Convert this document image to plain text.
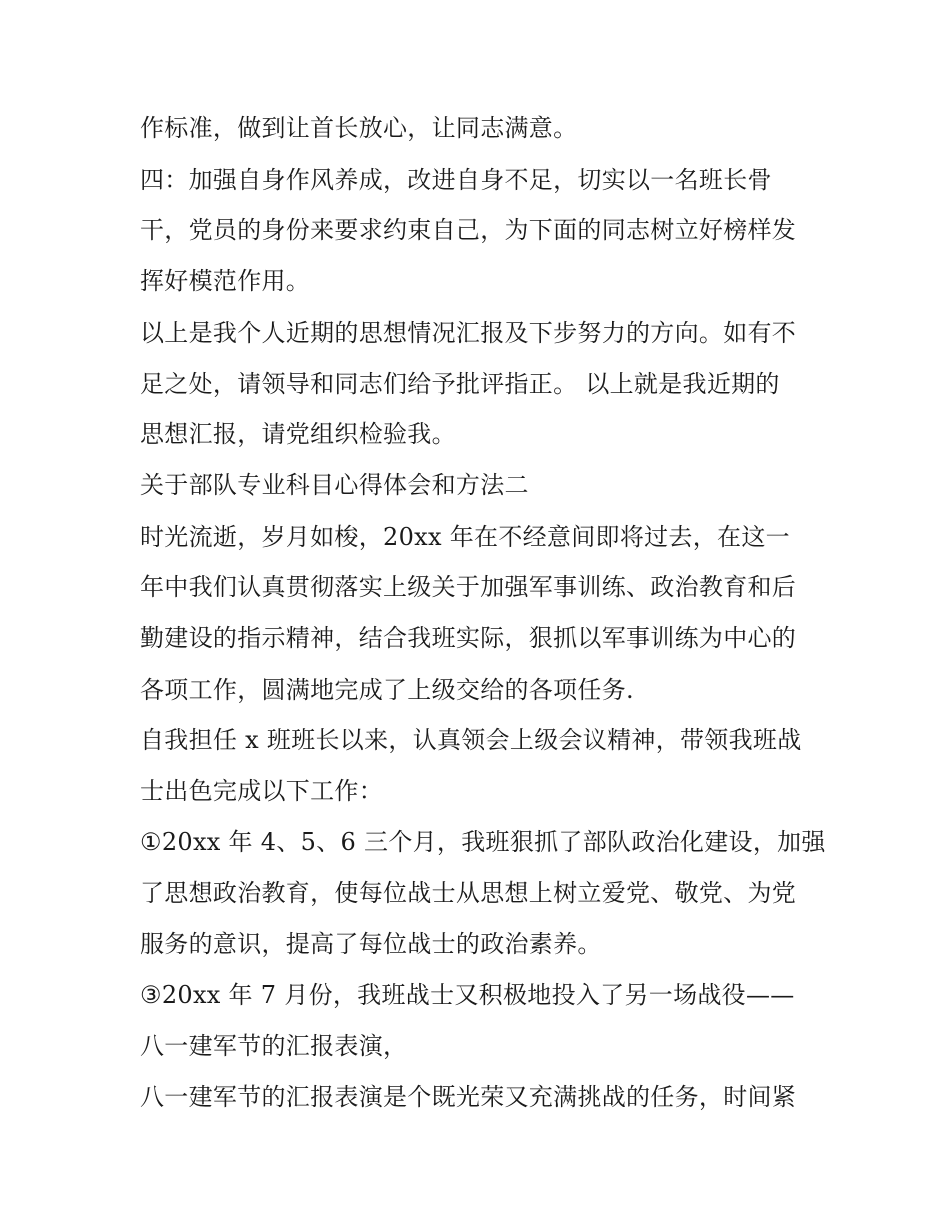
作标准，做到让首长放心，让同志满意。
四：加强自身作风养成，改进自身不足，切实以一名班长骨
干，党员的身份来要求约束自己，为下面的同志树立好榜样发
挥好模范作用。
以上是我个人近期的思想情况汇报及下步努力的方向。如有不
足之处，请领导和同志们给予批评指正。 以上就是我近期的
思想汇报，请党组织检验我。
关于部队专业科目心得体会和方法二
时光流逝，岁月如梭，20xx 年在不经意间即将过去，在这一
年中我们认真贯彻落实上级关于加强军事训练、政治教育和后
勤建设的指示精神，结合我班实际，狠抓以军事训练为中心的
各项工作，圆满地完成了上级交给的各项任务.
自我担任 x 班班长以来，认真领会上级会议精神，带领我班战
士出色完成以下工作：
①20xx 年 4、5、6 三个月，我班狠抓了部队政治化建设，加强
了思想政治教育，使每位战士从思想上树立爱党、敬党、为党
服务的意识，提高了每位战士的政治素养。
③20xx 年 7 月份，我班战士又积极地投入了另一场战役——
八一建军节的汇报表演，
八一建军节的汇报表演是个既光荣又充满挑战的任务，时间紧
